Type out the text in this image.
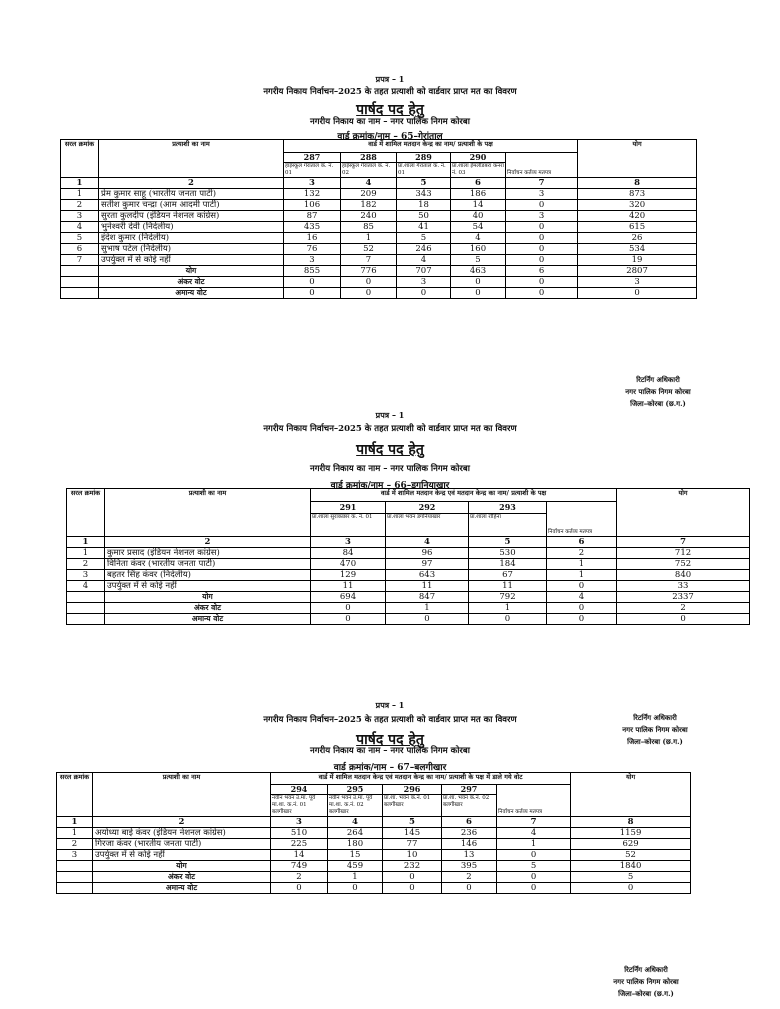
प्रपत्र – 1
नगरीय निकाय निर्वाचन–2025 के तहत प्रत्याशी को वार्डवार प्राप्त मत का विवरण
पार्षद पद हेतु
नगरीय निकाय का नाम – नगर पालिक निगम कोरबा
वार्ड क्रमांक/नाम – 65–गेरांताल
सरल क्रमांक	प्रत्याशी का नाम	वार्ड में शामिल मतदान केन्द्र का नाम/ प्रत्याशी के पक्ष					योग
		287	288	289	290	निर्वाचन कर्तव्य मतपत्र	
		हाईस्कूल गेरांताल क. न. 01	हाईस्कूल गेरांताल क. न. 02	प्रा.शाला गेरांताल क. न. 01	प्रा.शाला ईमलीडबरा कनरा नं. 03		
1	2	3	4	5	6	7	8
1	प्रेम कुमार साहू (भारतीय जनता पार्टी)	132	209	343	186	3	873
2	सतीश कुमार चन्द्रा (आम आदमी पार्टी)	106	182	18	14	0	320
3	सुरता कुलदीप (इंडियन नेशनल कांग्रेस)	87	240	50	40	3	420
4	भुनेश्वरी देवी (निर्दलीय)	435	85	41	54	0	615
5	इंदेश कुमार (निर्दलीय)	16	1	5	4	0	26
6	सुभाष पटेल (निर्दलीय)	76	52	246	160	0	534
7	उपर्युक्त में से कोई नहीं	3	7	4	5	0	19
	योग	855	776	707	463	6	2807
	अंकर वोट	0	0	3	0	0	3
	अमान्य वोट	0	0	0	0	0	0
प्रपत्र – 1
नगरीय निकाय निर्वाचन–2025 के तहत प्रत्याशी को वार्डवार प्राप्त मत का विवरण
पार्षद पद हेतु
नगरीय निकाय का नाम – नगर पालिक निगम कोरबा
वार्ड क्रमांक/नाम – 66–डगनियाखार
सरल क्रमांक	प्रत्याशी का नाम	वार्ड में शामिल मतदान केन्द्र एवं मतदान केन्द्र का नाम/ प्रत्याशी के पक्ष				योग
		291	292	293	निर्वाचन कर्तव्य मतपत्र	
		प्रा.शाला सुराकछार क. नं. 01	प्रा.शाला भवन डगनियाखार	प्रा.शाला रोहिना		
1	2	3	4	5	6	7
1	कुमार प्रसाद (इंडियन नेशनल कांग्रेस)	84	96	530	2	712
2	विनिता कंवर (भारतीय जनता पार्टी)	470	97	184	1	752
3	बहतर सिंह कंवर (निर्दलीय)	129	643	67	1	840
4	उपर्युक्त में से कोई नहीं	11	11	11	0	33
	योग	694	847	792	4	2337
	अंकर वोट	0	1	1	0	2
	अमान्य वोट	0	0	0	0	0
प्रपत्र – 1
नगरीय निकाय निर्वाचन–2025 के तहत प्रत्याशी को वार्डवार प्राप्त मत का विवरण
पार्षद पद हेतु
नगरीय निकाय का नाम – नगर पालिक निगम कोरबा
वार्ड क्रमांक/नाम – 67–बलगीखार
सरल क्रमांक	प्रत्याशी का नाम	वार्ड में शामिल मतदान केन्द्र एवं मतदान केन्द्र का नाम/ प्रत्याशी के पक्ष में डाले गये वोट					योग
		294	295	296	297	निर्वाचन कर्तव्य मतपत्र	
		नवीन भवन उ.मा. पूर्व मा.शा. क.नं. 01 बलगीखार	नवीन भवन उ.मा. पूर्व मा.शा. क.नं. 02 बलगीखार	प्रा.शा. भवन क.नं. 01 बलगीखार	प्रा.शा. भवन क.नं. 02 बलगीखार		
1	2	3	4	5	6	7	8
1	अयोध्या बाई कंवर (इंडियन नेशनल कांग्रेस)	510	264	145	236	4	1159
2	गिरजा कंवर (भारतीय जनता पार्टी)	225	180	77	146	1	629
3	उपर्युक्त में से कोई नहीं	14	15	10	13	0	52
	योग	749	459	232	395	5	1840
	अंकर वोट	2	1	0	2	0	5
	अमान्य वोट	0	0	0	0	0	0
रिटर्निंग अधिकारी
नगर पालिक निगम कोरबा
जिला–कोरबा (छ.ग.)
रिटर्निंग अधिकारी
नगर पालिक निगम कोरबा
जिला–कोरबा (छ.ग.)
रिटर्निंग अधिकारी
नगर पालिक निगम कोरबा
जिला–कोरबा (छ.ग.)
